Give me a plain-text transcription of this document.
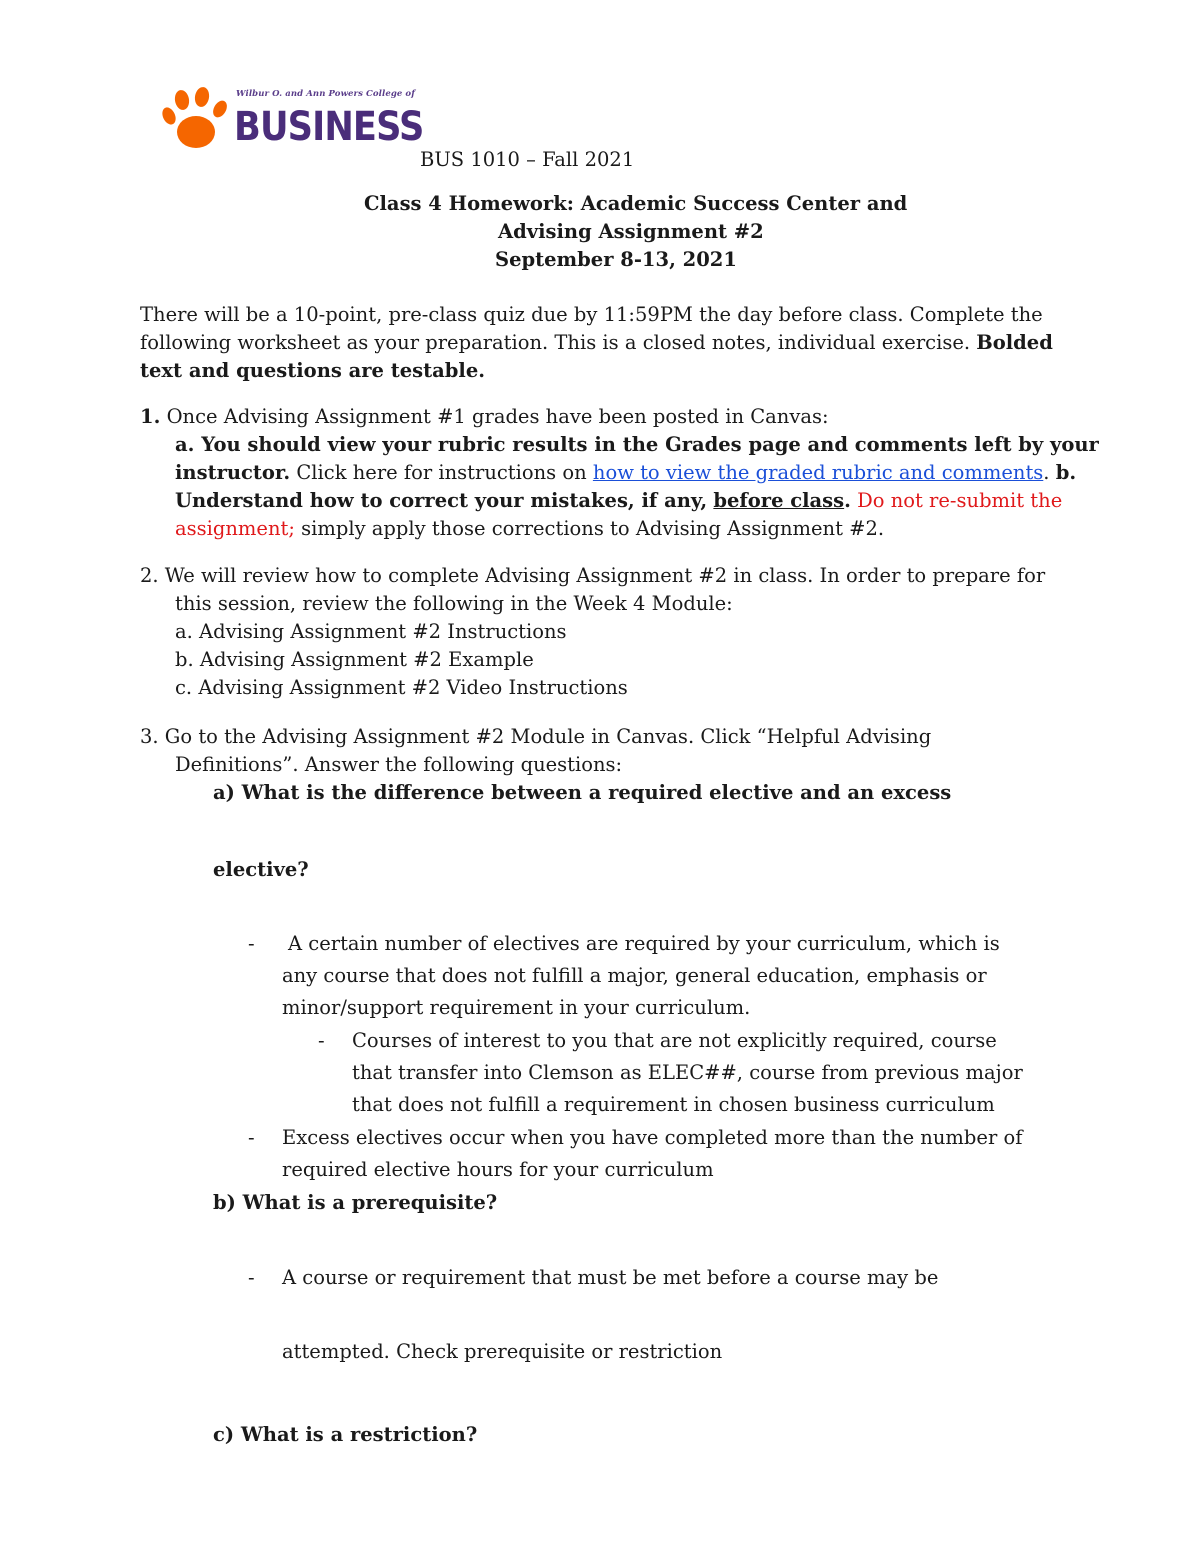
Wilbur O. and Ann Powers College of
BUSINESS
BUS 1010 – Fall 2021
Class 4 Homework: Academic Success Center and
Advising Assignment #2
September 8-13, 2021
There will be a 10-point, pre-class quiz due by 11:59PM the day before class. Complete the
following worksheet as your preparation. This is a closed notes, individual exercise. Bolded
text and questions are testable.
1. Once Advising Assignment #1 grades have been posted in Canvas:
a. You should view your rubric results in the Grades page and comments left by your
instructor. Click here for instructions on how to view the graded rubric and comments. b.
Understand how to correct your mistakes, if any, before class. Do not re-submit the
assignment; simply apply those corrections to Advising Assignment #2.
2. We will review how to complete Advising Assignment #2 in class. In order to prepare for
this session, review the following in the Week 4 Module:
a. Advising Assignment #2 Instructions
b. Advising Assignment #2 Example
c. Advising Assignment #2 Video Instructions
3. Go to the Advising Assignment #2 Module in Canvas. Click “Helpful Advising
Definitions”. Answer the following questions:
a) What is the difference between a required elective and an excess
elective?
- A certain number of electives are required by your curriculum, which is
any course that does not fulfill a major, general education, emphasis or
minor/support requirement in your curriculum.
- Courses of interest to you that are not explicitly required, course
that transfer into Clemson as ELEC##, course from previous major
that does not fulfill a requirement in chosen business curriculum
- Excess electives occur when you have completed more than the number of
required elective hours for your curriculum
b) What is a prerequisite?
- A course or requirement that must be met before a course may be
attempted. Check prerequisite or restriction
c) What is a restriction?
